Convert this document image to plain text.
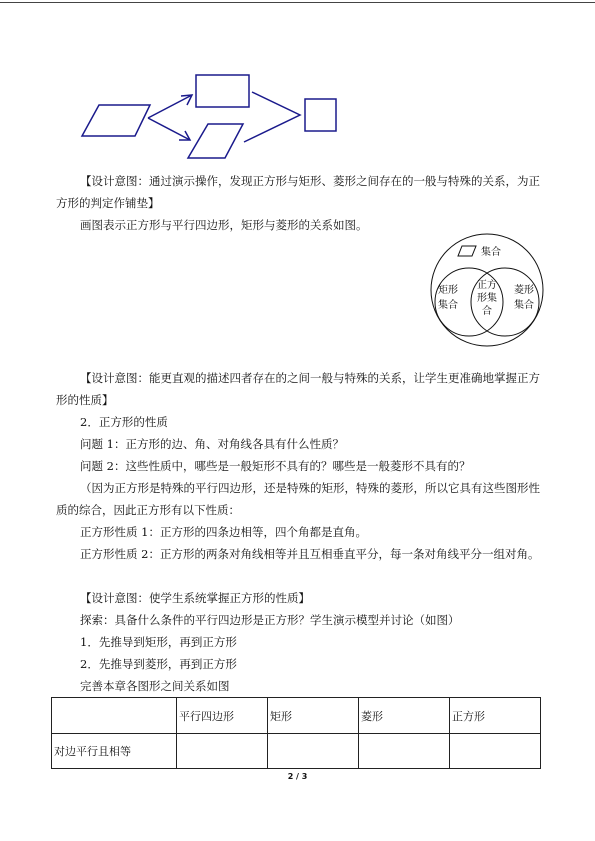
【设计意图：通过演示操作，发现正方形与矩形、菱形之间存在的一般与特殊的关系，为正方形的判定作铺垫】
画图表示正方形与平行四边形，矩形与菱形的关系如图。
集合
矩形
集合
正方
形集
合
菱形
集合
【设计意图：能更直观的描述四者存在的之间一般与特殊的关系，让学生更准确地掌握正方形的性质】
2．正方形的性质
问题 1：正方形的边、角、对角线各具有什么性质？
问题 2：这些性质中，哪些是一般矩形不具有的？哪些是一般菱形不具有的？
（因为正方形是特殊的平行四边形，还是特殊的矩形，特殊的菱形，所以它具有这些图形性质的综合，因此正方形有以下性质：
正方形性质 1：正方形的四条边相等，四个角都是直角。
正方形性质 2：正方形的两条对角线相等并且互相垂直平分，每一条对角线平分一组对角。
【设计意图：使学生系统掌握正方形的性质】
探索：具备什么条件的平行四边形是正方形？学生演示模型并讨论（如图）
1．先推导到矩形，再到正方形
2．先推导到菱形，再到正方形
完善本章各图形之间关系如图
	平行四边形	矩形	菱形	正方形
对边平行且相等				
2 / 3
